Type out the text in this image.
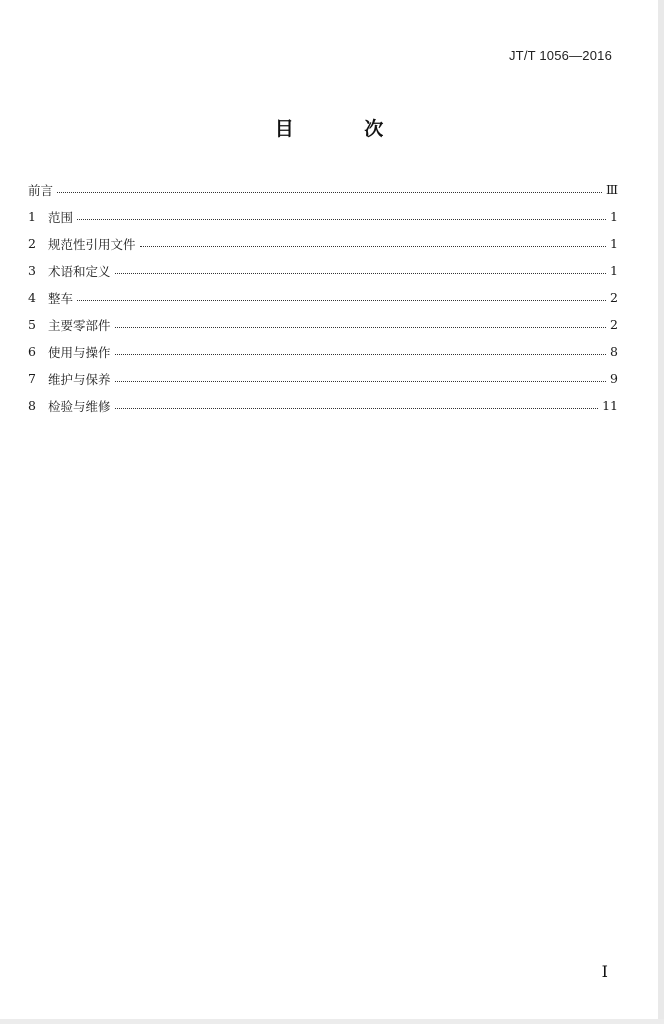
JT/T 1056—2016
目 次
前言	Ⅲ
1 范围	1
2 规范性引用文件	1
3 术语和定义	1
4 整车	2
5 主要零部件	2
6 使用与操作	8
7 维护与保养	9
8 检验与维修	11
Ⅰ
